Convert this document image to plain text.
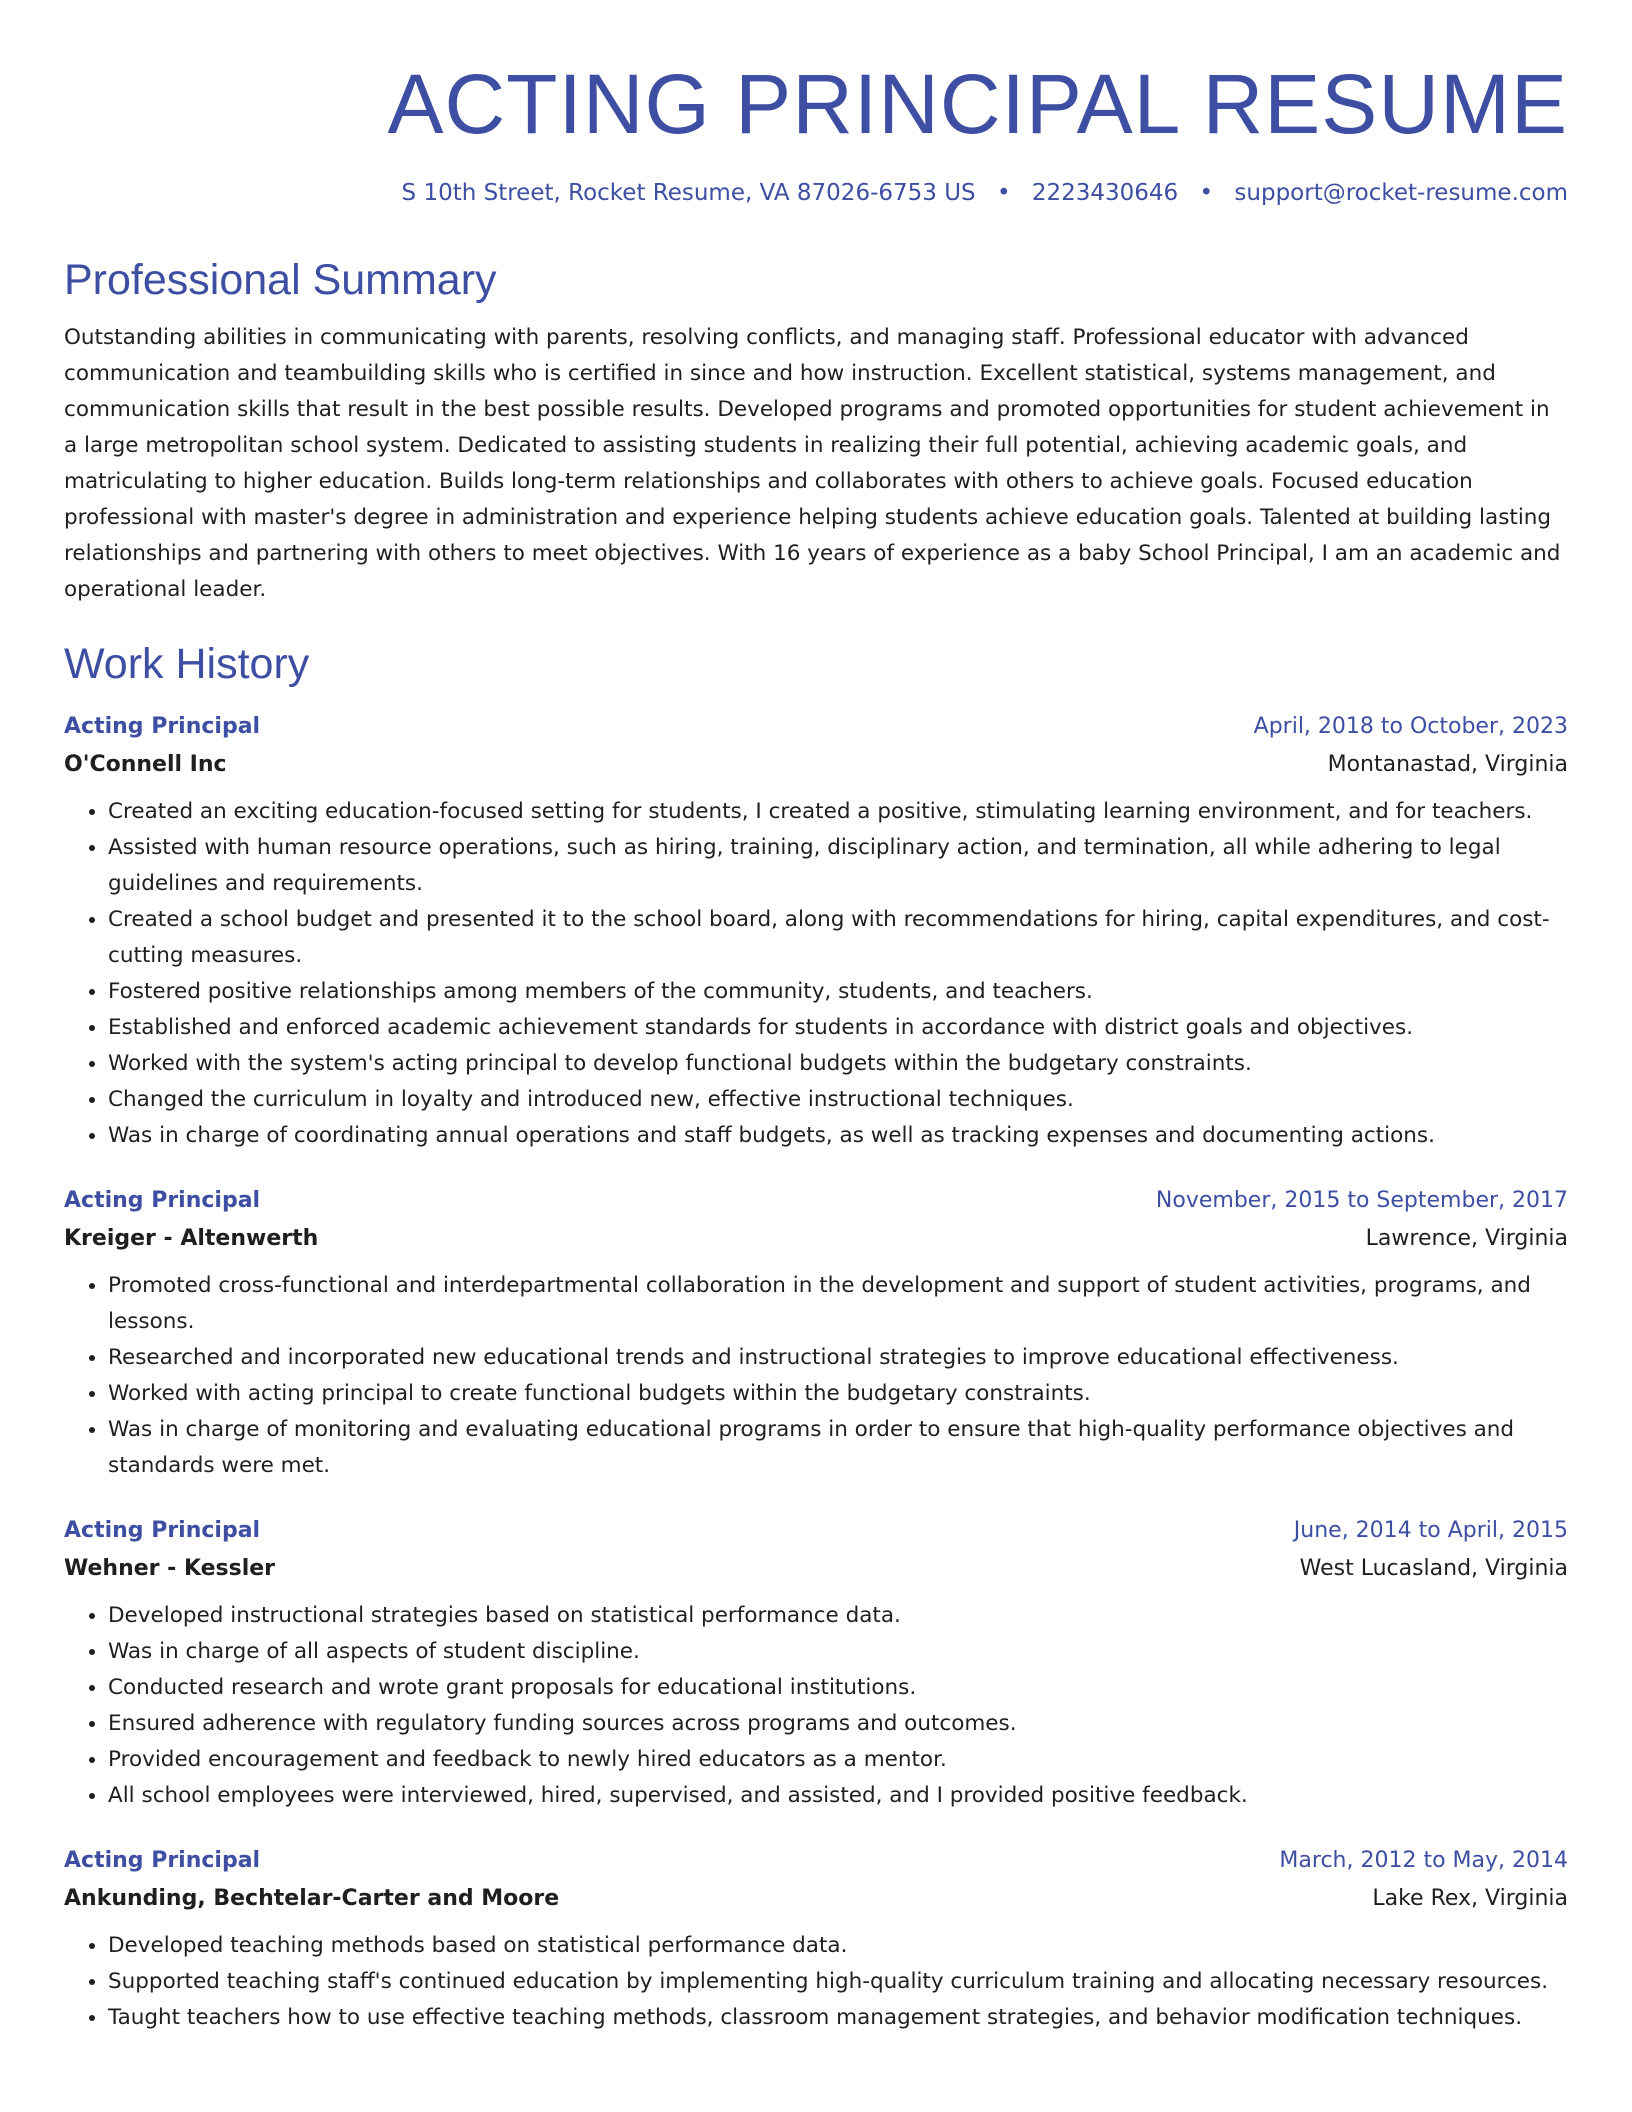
ACTING PRINCIPAL RESUME
S 10th Street, Rocket Resume, VA 87026-6753 US • 2223430646 • support@rocket-resume.com
Professional Summary
Outstanding abilities in communicating with parents, resolving conflicts, and managing staff. Professional educator with advanced communication and teambuilding skills who is certified in since and how instruction. Excellent statistical, systems management, and communication skills that result in the best possible results. Developed programs and promoted opportunities for student achievement in a large metropolitan school system. Dedicated to assisting students in realizing their full potential, achieving academic goals, and matriculating to higher education. Builds long-term relationships and collaborates with others to achieve goals. Focused education professional with master's degree in administration and experience helping students achieve education goals. Talented at building lasting relationships and partnering with others to meet objectives. With 16 years of experience as a baby School Principal, I am an academic and operational leader.
Work History
Acting Principal	April, 2018 to October, 2023
O'Connell Inc	Montanastad, Virginia
• Created an exciting education-focused setting for students, I created a positive, stimulating learning environment, and for teachers.
• Assisted with human resource operations, such as hiring, training, disciplinary action, and termination, all while adhering to legal guidelines and requirements.
• Created a school budget and presented it to the school board, along with recommendations for hiring, capital expenditures, and cost-cutting measures.
• Fostered positive relationships among members of the community, students, and teachers.
• Established and enforced academic achievement standards for students in accordance with district goals and objectives.
• Worked with the system's acting principal to develop functional budgets within the budgetary constraints.
• Changed the curriculum in loyalty and introduced new, effective instructional techniques.
• Was in charge of coordinating annual operations and staff budgets, as well as tracking expenses and documenting actions.
Acting Principal	November, 2015 to September, 2017
Kreiger - Altenwerth	Lawrence, Virginia
• Promoted cross-functional and interdepartmental collaboration in the development and support of student activities, programs, and lessons.
• Researched and incorporated new educational trends and instructional strategies to improve educational effectiveness.
• Worked with acting principal to create functional budgets within the budgetary constraints.
• Was in charge of monitoring and evaluating educational programs in order to ensure that high-quality performance objectives and standards were met.
Acting Principal	June, 2014 to April, 2015
Wehner - Kessler	West Lucasland, Virginia
• Developed instructional strategies based on statistical performance data.
• Was in charge of all aspects of student discipline.
• Conducted research and wrote grant proposals for educational institutions.
• Ensured adherence with regulatory funding sources across programs and outcomes.
• Provided encouragement and feedback to newly hired educators as a mentor.
• All school employees were interviewed, hired, supervised, and assisted, and I provided positive feedback.
Acting Principal	March, 2012 to May, 2014
Ankunding, Bechtelar-Carter and Moore	Lake Rex, Virginia
• Developed teaching methods based on statistical performance data.
• Supported teaching staff's continued education by implementing high-quality curriculum training and allocating necessary resources.
• Taught teachers how to use effective teaching methods, classroom management strategies, and behavior modification techniques.
